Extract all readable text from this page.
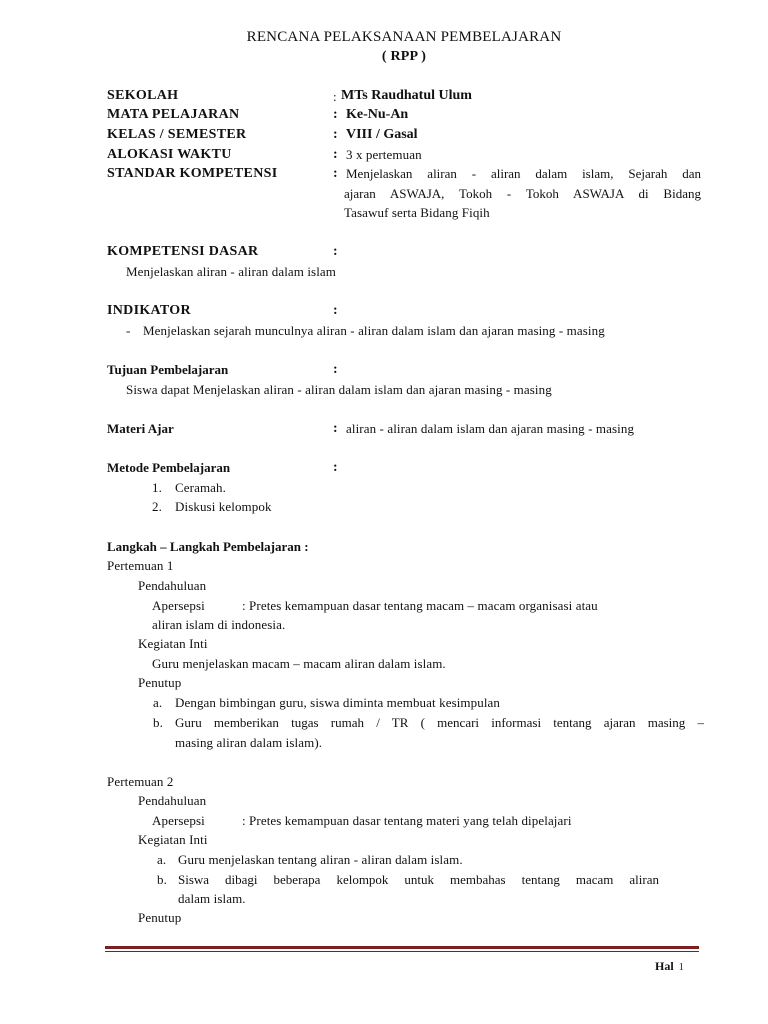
RENCANA PELAKSANAAN PEMBELAJARAN
( RPP )
SEKOLAH	: MTs Raudhatul Ulum
MATA PELAJARAN	: Ke-Nu-An
KELAS / SEMESTER	: VIII / Gasal
ALOKASI WAKTU	: 3 x pertemuan
STANDAR KOMPETENSI	: Menjelaskan aliran - aliran dalam islam, Sejarah dan
ajaran ASWAJA, Tokoh - Tokoh ASWAJA di Bidang
Tasawuf serta Bidang Fiqih
KOMPETENSI DASAR	:
Menjelaskan aliran - aliran dalam islam
INDIKATOR	:
- Menjelaskan sejarah munculnya aliran - aliran dalam islam dan ajaran masing - masing
Tujuan Pembelajaran	:
Siswa dapat Menjelaskan aliran - aliran dalam islam dan ajaran masing - masing
Materi Ajar	: aliran - aliran dalam islam dan ajaran masing - masing
Metode Pembelajaran	:
1. Ceramah.
2. Diskusi kelompok
Langkah – Langkah Pembelajaran :
Pertemuan 1
Pendahuluan
Apersepsi	: Pretes kemampuan dasar tentang macam – macam organisasi atau
aliran islam di indonesia.
Kegiatan Inti
Guru menjelaskan macam – macam aliran dalam islam.
Penutup
a. Dengan bimbingan guru, siswa diminta membuat kesimpulan
b. Guru memberikan tugas rumah / TR ( mencari informasi tentang ajaran masing –
masing aliran dalam islam).
Pertemuan 2
Pendahuluan
Apersepsi	: Pretes kemampuan dasar tentang materi yang telah dipelajari
Kegiatan Inti
a. Guru menjelaskan tentang aliran - aliran dalam islam.
b. Siswa dibagi beberapa kelompok untuk membahas tentang macam aliran
dalam islam.
Penutup
Hal 1
